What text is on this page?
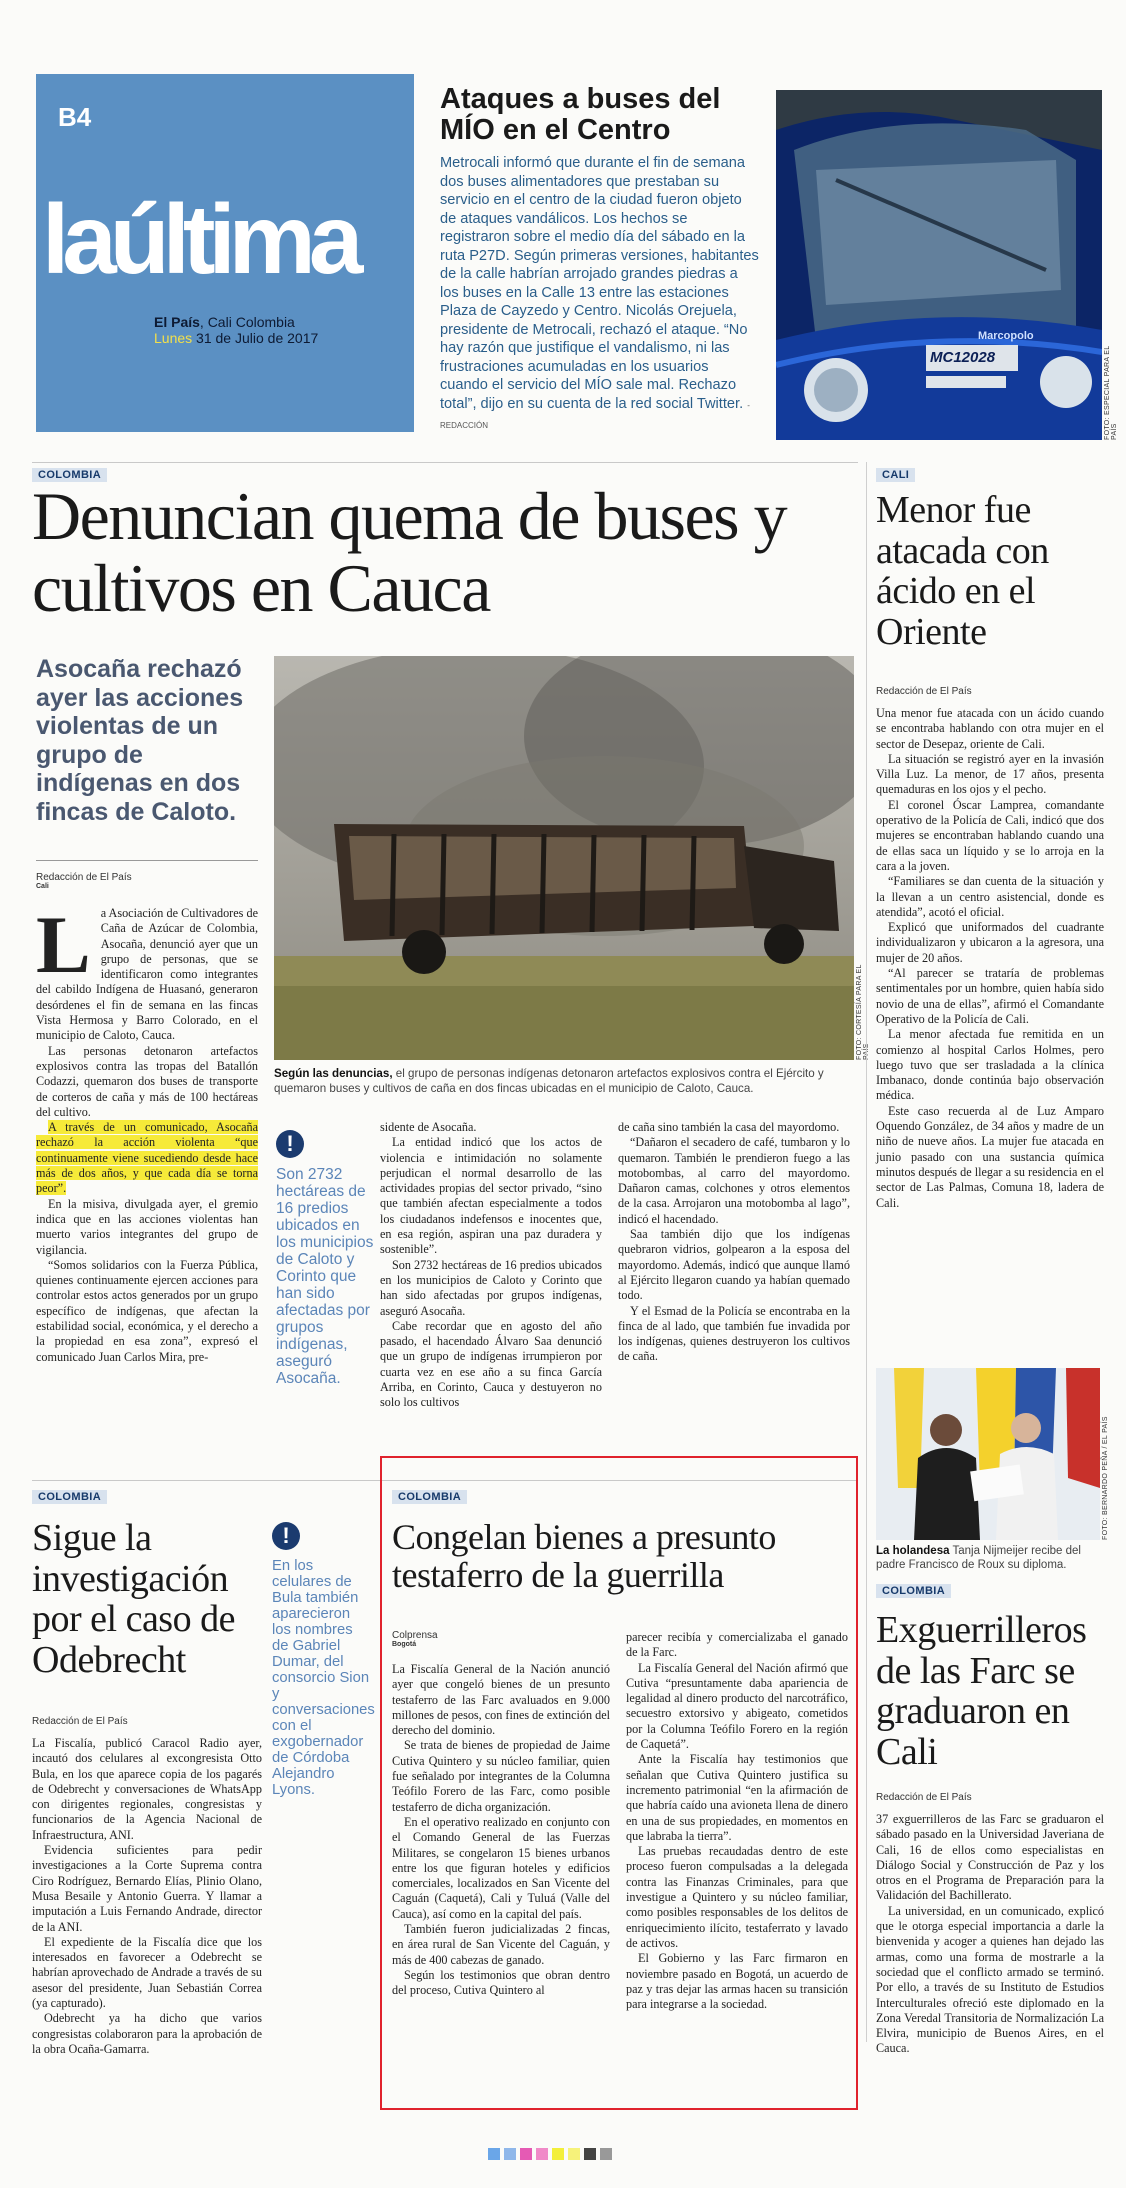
B4
laúltima
El País, Cali Colombia
Lunes 31 de Julio de 2017
Ataques a buses del MÍO en el Centro
Metrocali informó que durante el fin de semana dos buses alimentadores que prestaban su servicio en el centro de la ciudad fueron objeto de ataques vandálicos. Los hechos se registraron sobre el medio día del sábado en la ruta P27D. Según primeras versiones, habitantes de la calle habrían arrojado grandes piedras a los buses en la Calle 13 entre las estaciones Plaza de Cayzedo y Centro. Nicolás Orejuela, presidente de Metrocali, rechazó el ataque. “No hay razón que justifique el vandalismo, ni las frustraciones acumuladas en los usuarios cuando el servicio del MÍO sale mal. Rechazo total”, dijo en su cuenta de la red social Twitter. -REDACCIÓN
Marcopolo
MC12028	FOTO: ESPECIAL PARA EL PAÍS
COLOMBIA
Denuncian quema de buses y cultivos en Cauca
Asocaña rechazó ayer las acciones violentas de un grupo de indígenas en dos fincas de Caloto.
Redacción de El País
Cali
FOTO: CORTESÍA PARA EL
Según las denuncias, el grupo de personas indígenas detonaron artefactos explosivos contra el Ejército y quemaron buses y cultivos de caña en dos fincas ubicadas en el municipio de Caloto, Cauca.
L a Asociación de Cultivadores de Caña de Azúcar de Colombia, Asocaña, denunció ayer que un grupo de personas, que se identificaron como integrantes del cabildo Indígena de Huasanó, generaron desórdenes el fin de semana en las fincas Vista Hermosa y Barro Colorado, en el municipio de Caloto, Cauca.

Las personas detonaron artefactos explosivos contra las tropas del Batallón Codazzi, quemaron dos buses de transporte de corteros de caña y más de 100 hectáreas del cultivo.

A través de un comunicado, Asocaña rechazó la acción violenta “que continuamente viene sucediendo desde hace más de dos años, y que cada día se torna peor”.

En la misiva, divulgada ayer, el gremio indica que en las acciones violentas han muerto varios integrantes del grupo de vigilancia.

“Somos solidarios con la Fuerza Pública, quienes continuamente ejercen acciones para controlar estos actos generados por un grupo específico de indígenas, que afectan la estabilidad social, económica, y el derecho a la propiedad en esa zona”, expresó el comunicado Juan Carlos Mira, pre-

!
Son 2732 hectáreas de 16 predios ubicados en los municipios de Caloto y Corinto que han sido afectadas por grupos indígenas, aseguró Asocaña.

sidente de Asocaña.

La entidad indicó que los actos de violencia e intimidación no solamente perjudican el normal desarrollo de las actividades propias del sector privado, “sino que también afectan especialmente a todos los ciudadanos indefensos e inocentes que, en esa región, aspiran una paz duradera y sostenible”.

Son 2732 hectáreas de 16 predios ubicados en los municipios de Caloto y Corinto que han sido afectadas por grupos indígenas, aseguró Asocaña.

Cabe recordar que en agosto del año pasado, el hacendado Álvaro Saa denunció que un grupo de indígenas irrumpieron por cuarta vez en ese año a su finca García Arriba, en Corinto, Cauca y destuyeron no solo los cultivos

de caña sino también la casa del mayordomo.

“Dañaron el secadero de café, tumbaron y lo quemaron. También le prendieron fuego a las motobombas, al carro del mayordomo. Dañaron camas, colchones y otros elementos de la casa. Arrojaron una motobomba al lago”, indicó el hacendado.

Saa también dijo que los indígenas quebraron vidrios, golpearon a la esposa del mayordomo. Además, indicó que aunque llamó al Ejército llegaron cuando ya habían quemado todo.

Y el Esmad de la Policía se encontraba en la finca de al lado, que también fue invadida por los indígenas, quienes destruyeron los cultivos de caña.

CALI
Menor fue atacada con ácido en el Oriente
Redacción de El País

Una menor fue atacada con un ácido cuando se encontraba hablando con otra mujer en el sector de Desepaz, oriente de Cali.

La situación se registró ayer en la invasión Villa Luz. La menor, de 17 años, presenta quemaduras en los ojos y el pecho.

El coronel Óscar Lamprea, comandante operativo de la Policía de Cali, indicó que dos mujeres se encontraban hablando cuando una de ellas saca un líquido y se lo arroja en la cara a la joven.

“Familiares se dan cuenta de la situación y la llevan a un centro asistencial, donde es atendida”, acotó el oficial.

Explicó que uniformados del cuadrante individualizaron y ubicaron a la agresora, una mujer de 20 años.

“Al parecer se trataría de problemas sentimentales por un hombre, quien había sido novio de una de ellas”, afirmó el Comandante Operativo de la Policía de Cali.

La menor afectada fue remitida en un comienzo al hospital Carlos Holmes, pero luego tuvo que ser trasladada a la clínica Imbanaco, donde continúa bajo observación médica.

Este caso recuerda al de Luz Amparo Oquendo González, de 34 años y madre de un niño de nueve años. La mujer fue atacada en junio pasado con una sustancia química minutos después de llegar a su residencia en el sector de Las Palmas, Comuna 18, ladera de Cali.

FOTO: BERNARDO PEÑA / EL PAÍS
La holandesa Tanja Nijmeijer recibe del padre Francisco de Roux su diploma.
COLOMBIA
Exguerrilleros de las Farc se graduaron en Cali
Redacción de El País

37 exguerrilleros de las Farc se graduaron el sábado pasado en la Universidad Javeriana de Cali, 16 de ellos como especialistas en Diálogo Social y Construcción de Paz y los otros en el Programa de Preparación para la Validación del Bachillerato.

La universidad, en un comunicado, explicó que le otorga especial importancia a darle la bienvenida y acoger a quienes han dejado las armas, como una forma de mostrarle a la sociedad que el conflicto armado se terminó. Por ello, a través de su Instituto de Estudios Interculturales ofreció este diplomado en la Zona Veredal Transitoria de Normalización La Elvira, municipio de Buenos Aires, en el Cauca.

COLOMBIA
Sigue la investigación por el caso de Odebrecht
!
En los celulares de Bula también aparecieron los nombres de Gabriel Dumar, del consorcio Sion y conversaciones con el exgobernador de Córdoba Alejandro Lyons.
Redacción de El País

La Fiscalía, publicó Caracol Radio ayer, incautó dos celulares al excongresista Otto Bula, en los que aparece copia de los pagarés de Odebrecht y conversaciones de WhatsApp con dirigentes regionales, congresistas y funcionarios de la Agencia Nacional de Infraestructura, ANI.

Evidencia suficientes para pedir investigaciones a la Corte Suprema contra Ciro Rodríguez, Bernardo Elías, Plinio Olano, Musa Besaile y Antonio Guerra. Y llamar a imputación a Luis Fernando Andrade, director de la ANI.

El expediente de la Fiscalía dice que los interesados en favorecer a Odebrecht se habrían aprovechado de Andrade a través de su asesor del presidente, Juan Sebastián Correa (ya capturado).

Odebrecht ya ha dicho que varios congresistas colaboraron para la aprobación de la obra Ocaña-Gamarra.

COLOMBIA
Congelan bienes a presunto testaferro de la guerrilla
Colprensa
Bogotá

La Fiscalía General de la Nación anunció ayer que congeló bienes de un presunto testaferro de las Farc avaluados en 9.000 millones de pesos, con fines de extinción del derecho del dominio.

Se trata de bienes de propiedad de Jaime Cutiva Quintero y su núcleo familiar, quien fue señalado por integrantes de la Columna Teófilo Forero de las Farc, como posible testaferro de dicha organización.

En el operativo realizado en conjunto con el Comando General de las Fuerzas Militares, se congelaron 15 bienes urbanos entre los que figuran hoteles y edificios comerciales, localizados en San Vicente del Caguán (Caquetá), Cali y Tuluá (Valle del Cauca), así como en la capital del país.

También fueron judicializadas 2 fincas, en área rural de San Vicente del Caguán, y más de 400 cabezas de ganado.

Según los testimonios que obran dentro del proceso, Cutiva Quintero al

parecer recibía y comercializaba el ganado de la Farc.

La Fiscalía General del Nación afirmó que Cutiva “presuntamente daba apariencia de legalidad al dinero producto del narcotráfico, secuestro extorsivo y abigeato, cometidos por la Columna Teófilo Forero en la región de Caquetá”.

Ante la Fiscalía hay testimonios que señalan que Cutiva Quintero justifica su incremento patrimonial “en la afirmación de que habría caído una avioneta llena de dinero en una de sus propiedades, en momentos en que labraba la tierra”.

Las pruebas recaudadas dentro de este proceso fueron compulsadas a la delegada contra las Finanzas Criminales, para que investigue a Quintero y su núcleo familiar, como posibles responsables de los delitos de enriquecimiento ilícito, testaferrato y lavado de activos.

El Gobierno y las Farc firmaron en noviembre pasado en Bogotá, un acuerdo de paz y tras dejar las armas hacen su transición para integrarse a la sociedad.
